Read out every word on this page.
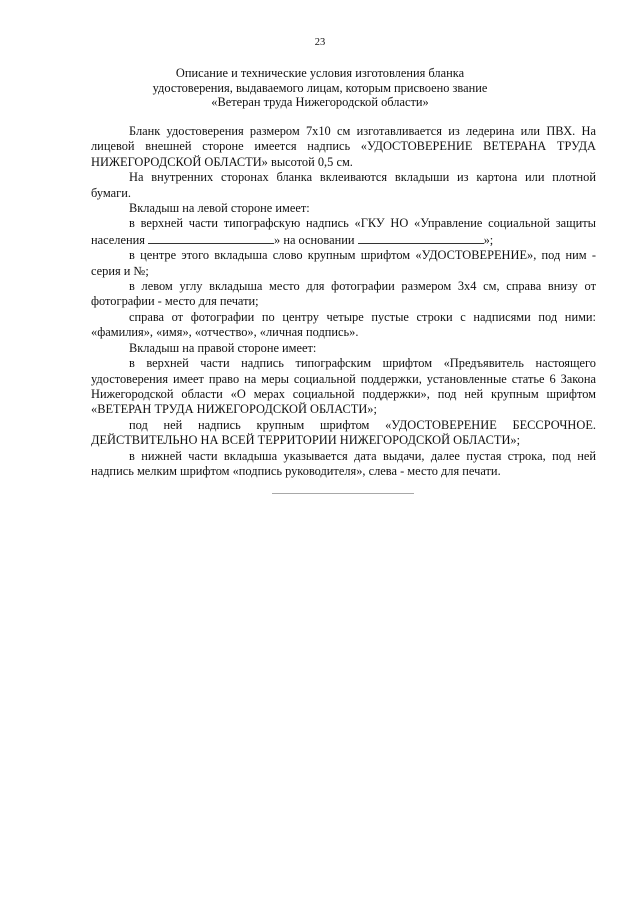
23
Описание и технические условия изготовления бланка
удостоверения, выдаваемого лицам, которым присвоено звание
«Ветеран труда Нижегородской области»

Бланк удостоверения размером 7х10 см изготавливается из ледерина или ПВХ. На лицевой внешней стороне имеется надпись «УДОСТОВЕРЕНИЕ ВЕТЕРАНА ТРУДА НИЖЕГОРОДСКОЙ ОБЛАСТИ» высотой 0,5 см.

На внутренних сторонах бланка вклеиваются вкладыши из картона или плотной бумаги.

Вкладыш на левой стороне имеет:

в верхней части типографскую надпись «ГКУ НО «Управление социальной защиты населения	» на основании	»;

в центре этого вкладыша слово крупным шрифтом «УДОСТОВЕРЕНИЕ», под ним - серия и №;

в левом углу вкладыша место для фотографии размером 3х4 см, справа внизу от фотографии - место для печати;

справа от фотографии по центру четыре пустые строки с надписями под ними: «фамилия», «имя», «отчество», «личная подпись».

Вкладыш на правой стороне имеет:

в верхней части надпись типографским шрифтом «Предъявитель настоящего удостоверения имеет право на меры социальной поддержки, установленные статье 6 Закона Нижегородской области «О мерах социальной поддержки», под ней крупным шрифтом «ВЕТЕРАН ТРУДА НИЖЕГОРОДСКОЙ ОБЛАСТИ»;

под ней надпись крупным шрифтом «УДОСТОВЕРЕНИЕ БЕССРОЧНОЕ. ДЕЙСТВИТЕЛЬНО НА ВСЕЙ ТЕРРИТОРИИ НИЖЕГОРОДСКОЙ ОБЛАСТИ»;

в нижней части вкладыша указывается дата выдачи, далее пустая строка, под ней надпись мелким шрифтом «подпись руководителя», слева - место для печати.
